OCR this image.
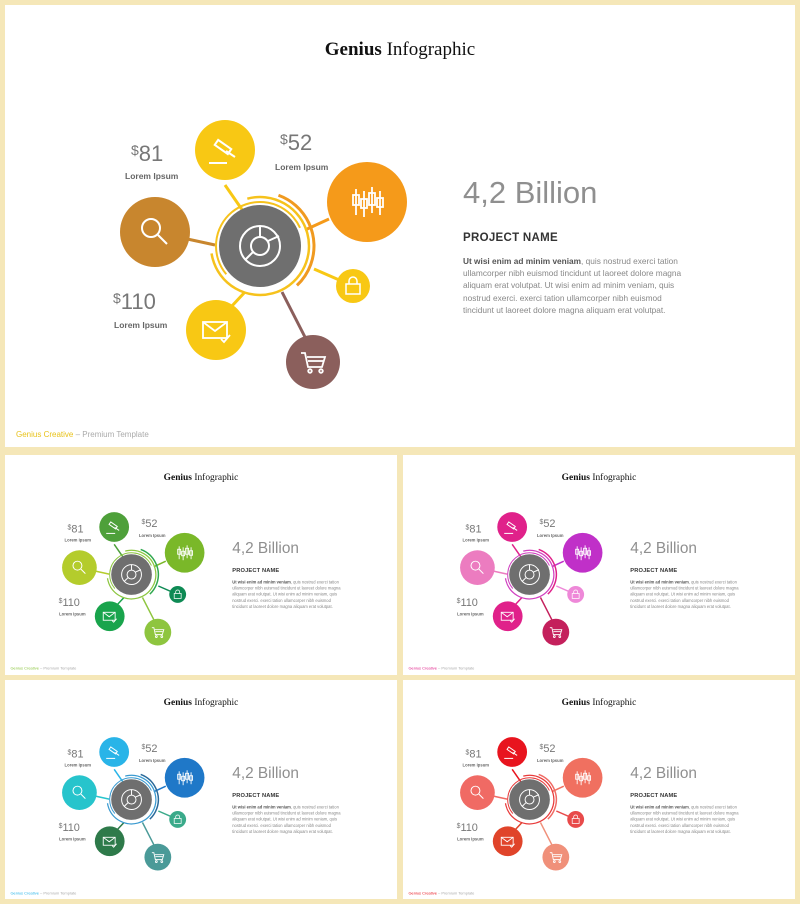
Genius Infographic
$81
Lorem Ipsum
$52
Lorem Ipsum
$110
Lorem Ipsum
4,2 Billion
PROJECT NAME
Ut wisi enim ad minim veniam, quis nostrud exerci tation ullamcorper nibh euismod tincidunt ut laoreet dolore magna aliquam erat volutpat. Ut wisi enim ad minim veniam, quis nostrud exerci. exerci tation ullamcorper nibh euismod tincidunt ut laoreet dolore magna aliquam erat volutpat.
Genius Creative – Premium Template
Genius Infographic
$81
Lorem Ipsum
$52
Lorem Ipsum
$110
Lorem Ipsum
4,2 Billion
PROJECT NAME
Ut wisi enim ad minim veniam, quis nostrud exerci tation ullamcorper nibh euismod tincidunt ut laoreet dolore magna aliquam erat volutpat. Ut wisi enim ad minim veniam, quis nostrud exerci. exerci tation ullamcorper nibh euismod tincidunt ut laoreet dolore magna aliquam erat volutpat.
Genius Creative – Premium Template
Genius Infographic
$81
Lorem Ipsum
$52
Lorem Ipsum
$110
Lorem Ipsum
4,2 Billion
PROJECT NAME
Ut wisi enim ad minim veniam, quis nostrud exerci tation ullamcorper nibh euismod tincidunt ut laoreet dolore magna aliquam erat volutpat. Ut wisi enim ad minim veniam, quis nostrud exerci. exerci tation ullamcorper nibh euismod tincidunt ut laoreet dolore magna aliquam erat volutpat.
Genius Creative – Premium Template
Genius Infographic
$81
Lorem Ipsum
$52
Lorem Ipsum
$110
Lorem Ipsum
4,2 Billion
PROJECT NAME
Ut wisi enim ad minim veniam, quis nostrud exerci tation ullamcorper nibh euismod tincidunt ut laoreet dolore magna aliquam erat volutpat. Ut wisi enim ad minim veniam, quis nostrud exerci. exerci tation ullamcorper nibh euismod tincidunt ut laoreet dolore magna aliquam erat volutpat.
Genius Creative – Premium Template
Genius Infographic
$81
Lorem Ipsum
$52
Lorem Ipsum
$110
Lorem Ipsum
4,2 Billion
PROJECT NAME
Ut wisi enim ad minim veniam, quis nostrud exerci tation ullamcorper nibh euismod tincidunt ut laoreet dolore magna aliquam erat volutpat. Ut wisi enim ad minim veniam, quis nostrud exerci. exerci tation ullamcorper nibh euismod tincidunt ut laoreet dolore magna aliquam erat volutpat.
Genius Creative – Premium Template
